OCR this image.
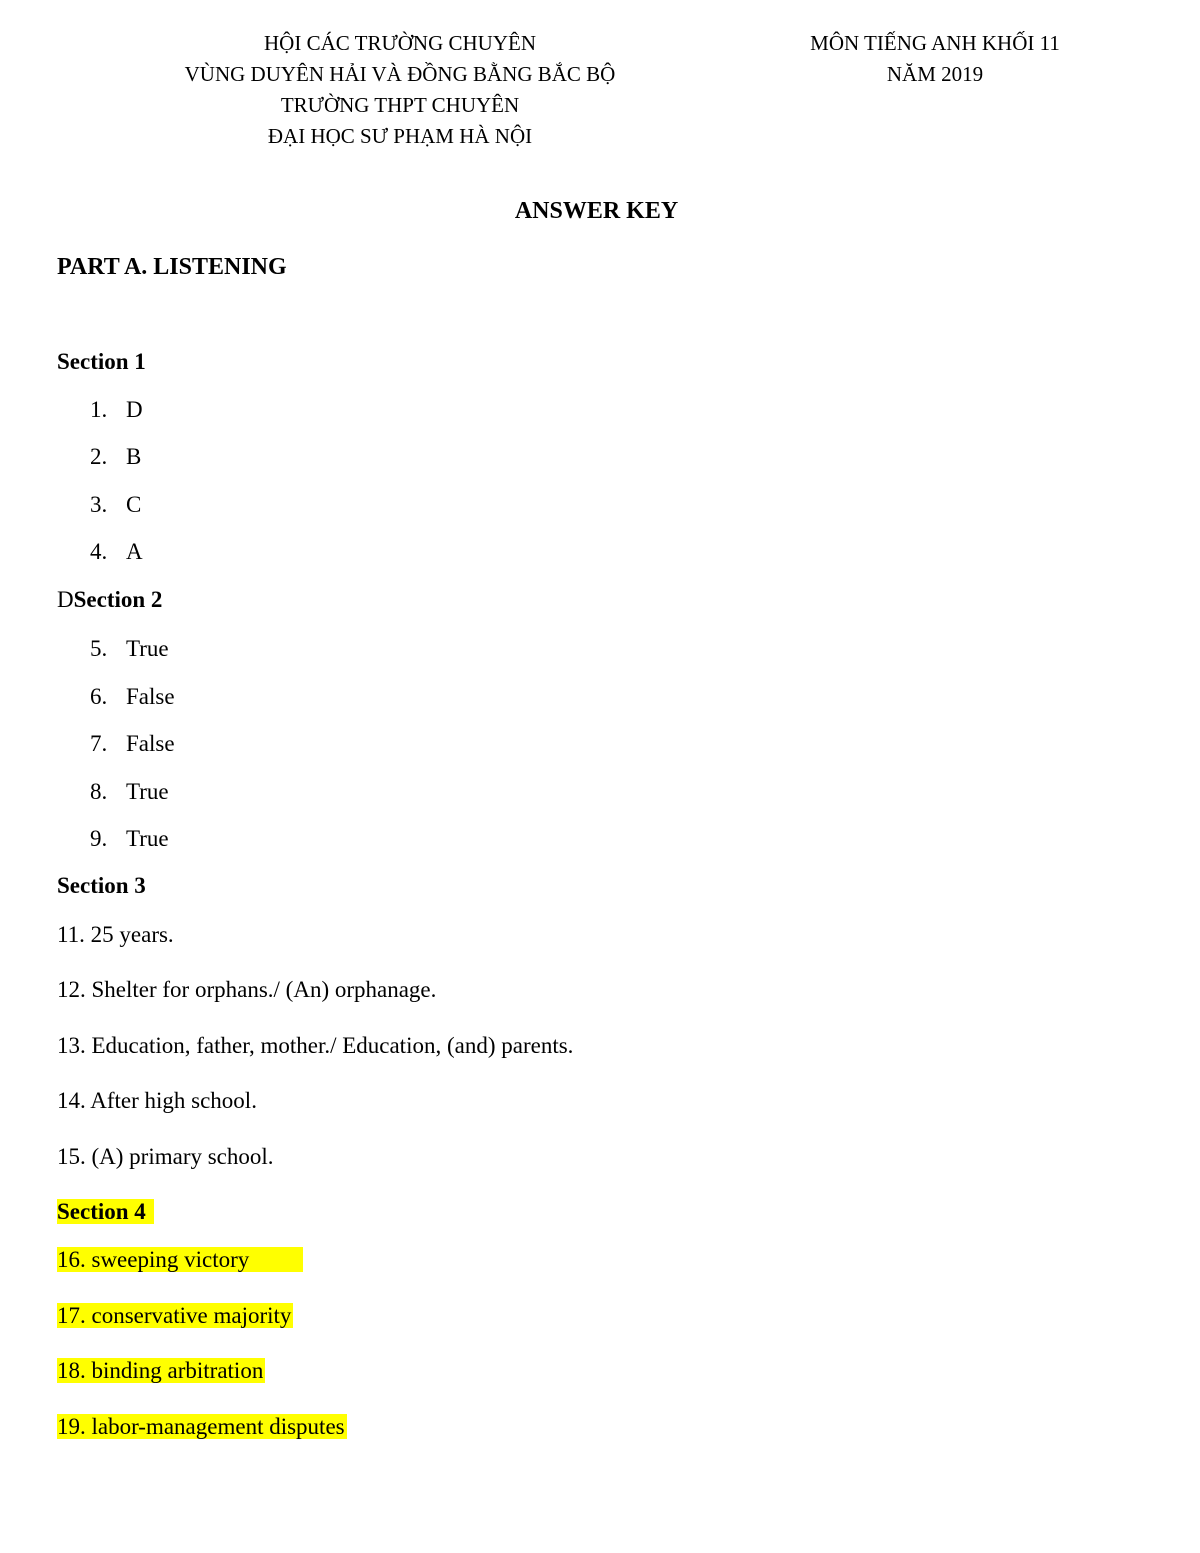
HỘI CÁC TRƯỜNG CHUYÊN
VÙNG DUYÊN HẢI VÀ ĐỒNG BẰNG BẮC BỘ
TRƯỜNG THPT CHUYÊN
ĐẠI HỌC SƯ PHẠM HÀ NỘI
MÔN TIẾNG ANH KHỐI 11
NĂM 2019
ANSWER KEY
PART A. LISTENING
Section 1
1. D
2. B
3. C
4. A
DSection 2
5. True
6. False
7. False
8. True
9. True
Section 3
11. 25 years.
12. Shelter for orphans./ (An) orphanage.
13. Education, father, mother./ Education, (and) parents.
14. After high school.
15. (A) primary school.
Section 4
16. sweeping victory
17. conservative majority
18. binding arbitration
19. labor-management disputes
